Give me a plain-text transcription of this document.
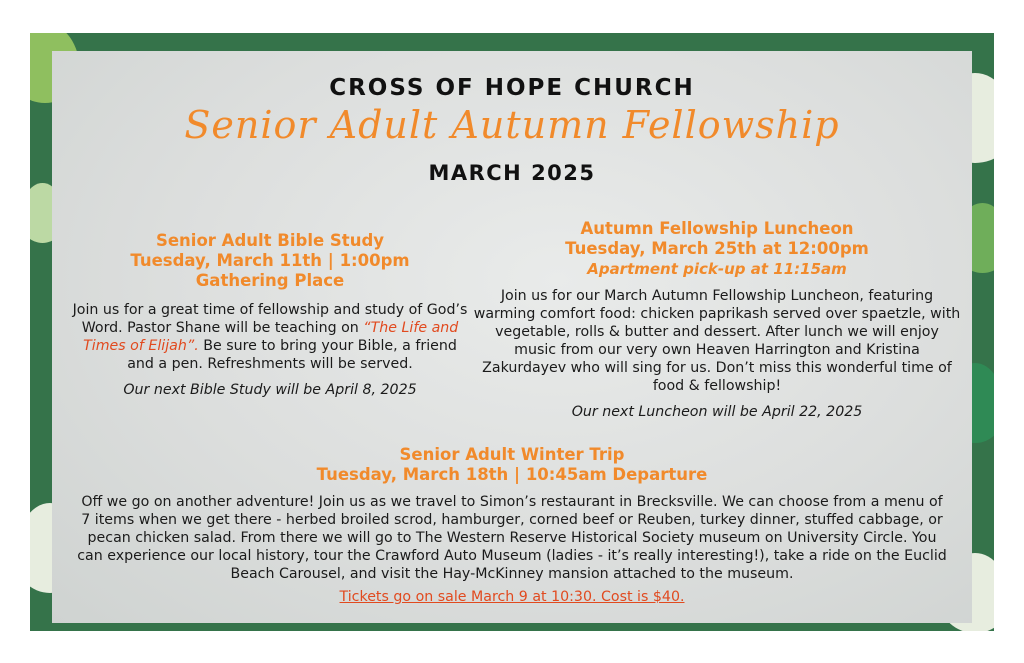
CROSS OF HOPE CHURCH
Senior Adult Autumn Fellowship
MARCH 2025
Senior Adult Bible Study
Tuesday, March 11th | 1:00pm
Gathering Place
Join us for a great time of fellowship and study of God’s Word. Pastor Shane will be teaching on “The Life and Times of Elijah”. Be sure to bring your Bible, a friend and a pen. Refreshments will be served.
Our next Bible Study will be April 8, 2025
Autumn Fellowship Luncheon
Tuesday, March 25th at 12:00pm
Apartment pick-up at 11:15am
Join us for our March Autumn Fellowship Luncheon, featuring warming comfort food: chicken paprikash served over spaetzle, with vegetable, rolls & butter and dessert. After lunch we will enjoy music from our very own Heaven Harrington and Kristina Zakurdayev who will sing for us. Don’t miss this wonderful time of food & fellowship!
Our next Luncheon will be April 22, 2025
Senior Adult Winter Trip
Tuesday, March 18th | 10:45am Departure
Off we go on another adventure! Join us as we travel to Simon’s restaurant in Brecksville. We can choose from a menu of 7 items when we get there - herbed broiled scrod, hamburger, corned beef or Reuben, turkey dinner, stuffed cabbage, or pecan chicken salad. From there we will go to The Western Reserve Historical Society museum on University Circle. You can experience our local history, tour the Crawford Auto Museum (ladies - it’s really interesting!), take a ride on the Euclid Beach Carousel, and visit the Hay-McKinney mansion attached to the museum.
Tickets go on sale March 9 at 10:30. Cost is $40.
